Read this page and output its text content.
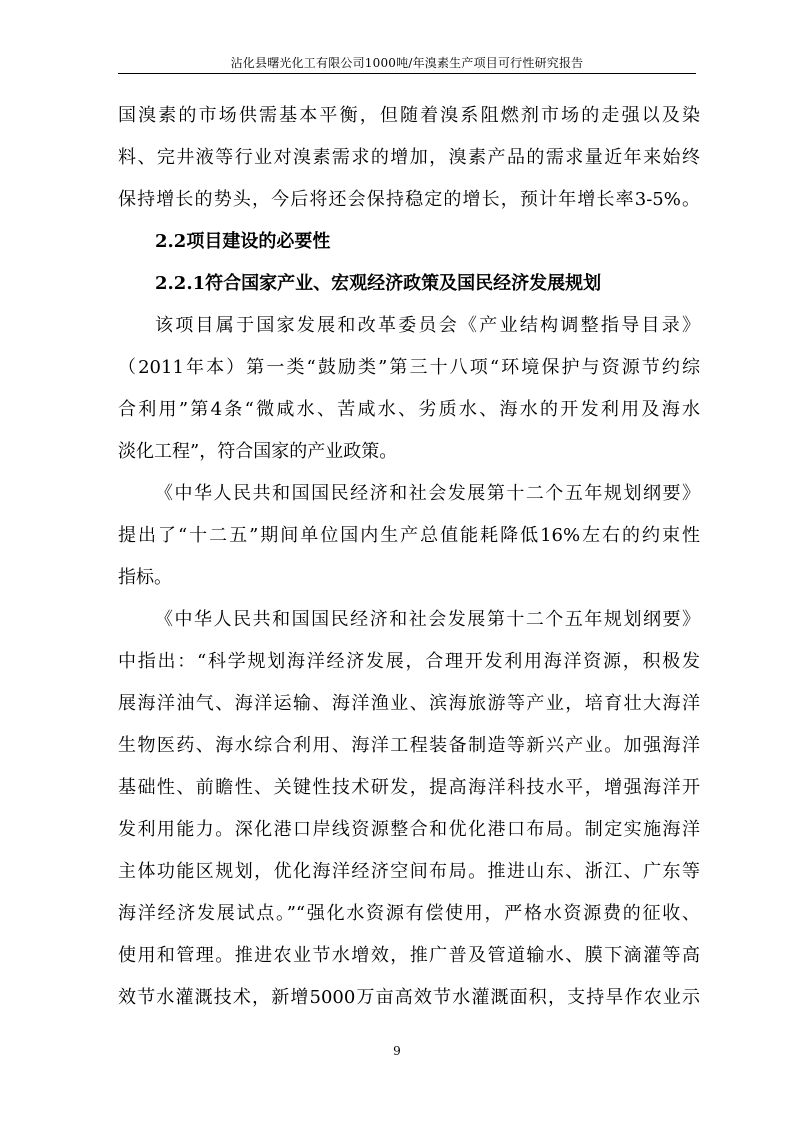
沾化县曙光化工有限公司1000吨/年溴素生产项目可行性研究报告
国溴素的市场供需基本平衡，但随着溴系阻燃剂市场的走强以及染
料、完井液等行业对溴素需求的增加，溴素产品的需求量近年来始终
保持增长的势头，今后将还会保持稳定的增长，预计年增长率3-5%。
2.2项目建设的必要性
2.2.1符合国家产业、宏观经济政策及国民经济发展规划
该项目属于国家发展和改革委员会《产业结构调整指导目录》
（2011年本）第一类“鼓励类”第三十八项“环境保护与资源节约综
合利用”第4条“微咸水、苦咸水、劣质水、海水的开发利用及海水
淡化工程”，符合国家的产业政策。
《中华人民共和国国民经济和社会发展第十二个五年规划纲要》
提出了“十二五”期间单位国内生产总值能耗降低16%左右的约束性
指标。
《中华人民共和国国民经济和社会发展第十二个五年规划纲要》
中指出：“科学规划海洋经济发展，合理开发利用海洋资源，积极发
展海洋油气、海洋运输、海洋渔业、滨海旅游等产业，培育壮大海洋
生物医药、海水综合利用、海洋工程装备制造等新兴产业。加强海洋
基础性、前瞻性、关键性技术研发，提高海洋科技水平，增强海洋开
发利用能力。深化港口岸线资源整合和优化港口布局。制定实施海洋
主体功能区规划，优化海洋经济空间布局。推进山东、浙江、广东等
海洋经济发展试点。”“强化水资源有偿使用，严格水资源费的征收、
使用和管理。推进农业节水增效，推广普及管道输水、膜下滴灌等高
效节水灌溉技术，新增5000万亩高效节水灌溉面积，支持旱作农业示
9
